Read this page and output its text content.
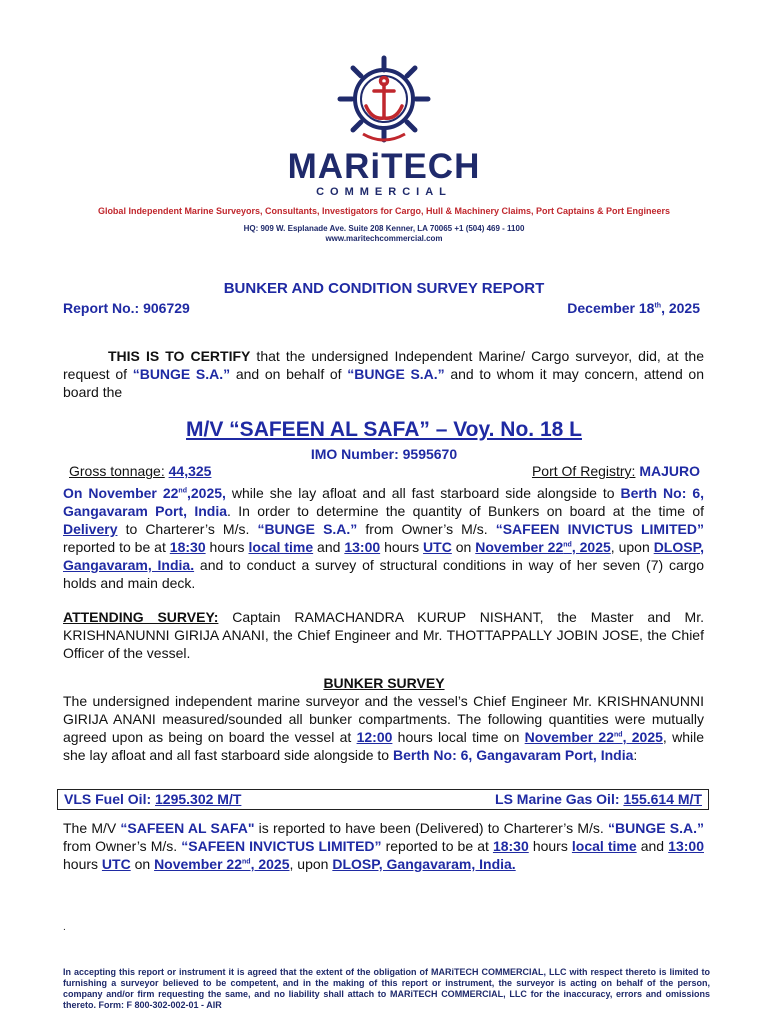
MARiTECH
COMMERCIAL
Global Independent Marine Surveyors, Consultants, Investigators for Cargo, Hull & Machinery Claims, Port Captains & Port Engineers
HQ: 909 W. Esplanade Ave. Suite 208 Kenner, LA 70065 +1 (504) 469 - 1100
www.maritechcommercial.com
BUNKER AND CONDITION SURVEY REPORT
Report No.: 906729	December 18th, 2025
THIS IS TO CERTIFY that the undersigned Independent Marine/ Cargo surveyor, did, at the request of “BUNGE S.A.” and on behalf of “BUNGE S.A.” and to whom it may concern, attend on board the
M/V “SAFEEN AL SAFA” – Voy. No. 18 L
IMO Number: 9595670
Gross tonnage: 44,325	Port Of Registry: MAJURO
On November 22nd,2025, while she lay afloat and all fast starboard side alongside to Berth No: 6, Gangavaram Port, India. In order to determine the quantity of Bunkers on board at the time of Delivery to Charterer’s M/s. “BUNGE S.A.” from Owner’s M/s. “SAFEEN INVICTUS LIMITED” reported to be at 18:30 hours local time and 13:00 hours UTC on November 22nd, 2025, upon DLOSP, Gangavaram, India. and to conduct a survey of structural conditions in way of her seven (7) cargo holds and main deck.
ATTENDING SURVEY: Captain RAMACHANDRA KURUP NISHANT, the Master and Mr. KRISHNANUNNI GIRIJA ANANI, the Chief Engineer and Mr. THOTTAPPALLY JOBIN JOSE, the Chief Officer of the vessel.
BUNKER SURVEY
The undersigned independent marine surveyor and the vessel’s Chief Engineer Mr. KRISHNANUNNI GIRIJA ANANI measured/sounded all bunker compartments. The following quantities were mutually agreed upon as being on board the vessel at 12:00 hours local time on November 22nd, 2025, while she lay afloat and all fast starboard side alongside to Berth No: 6, Gangavaram Port, India:
VLS Fuel Oil: 1295.302 M/T	LS Marine Gas Oil: 155.614 M/T
The M/V “SAFEEN AL SAFA" is reported to have been (Delivered) to Charterer’s M/s. “BUNGE S.A.” from Owner’s M/s. “SAFEEN INVICTUS LIMITED” reported to be at 18:30 hours local time and 13:00 hours UTC on November 22nd, 2025, upon DLOSP, Gangavaram, India.
.
In accepting this report or instrument it is agreed that the extent of the obligation of MARiTECH COMMERCIAL, LLC with respect thereto is limited to furnishing a surveyor believed to be competent, and in the making of this report or instrument, the surveyor is acting on behalf of the person, company and/or firm requesting the same, and no liability shall attach to MARiTECH COMMERCIAL, LLC for the inaccuracy, errors and omissions thereto. Form: F 800-302-002-01 - AIR
